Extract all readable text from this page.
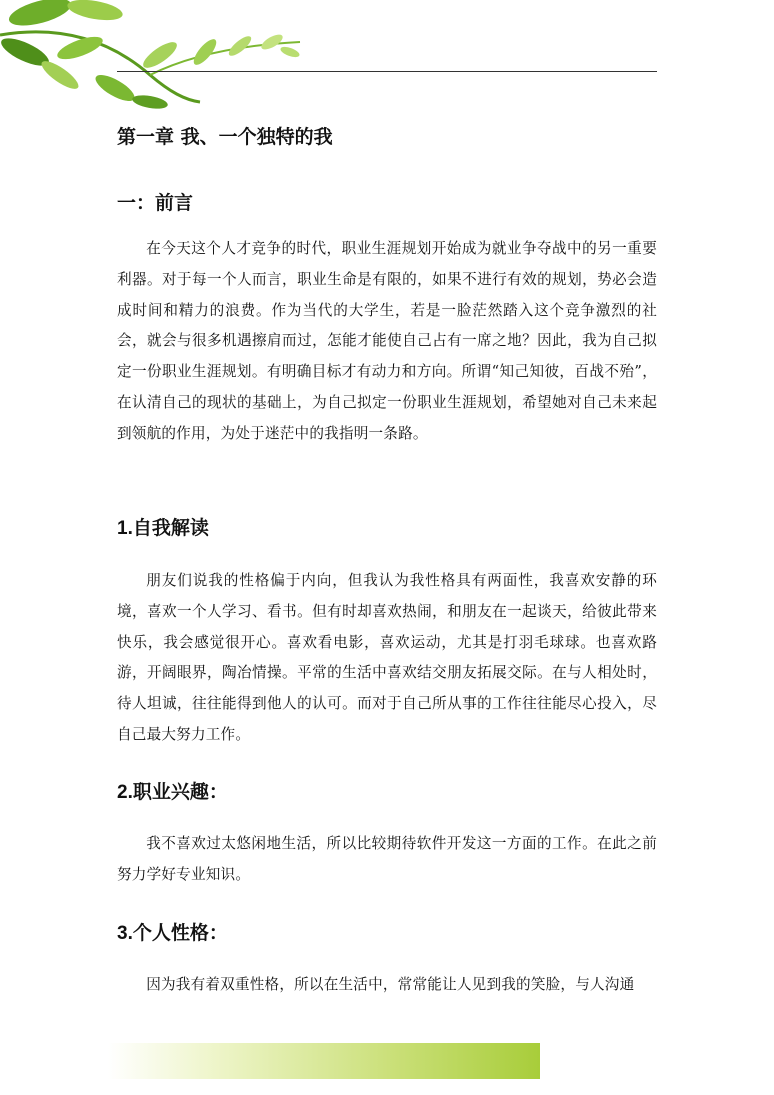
第一章 我、一个独特的我
一：前言

在今天这个人才竞争的时代，职业生涯规划开始成为就业争夺战中的另一重要利器。对于每一个人而言，职业生命是有限的，如果不进行有效的规划，势必会造成时间和精力的浪费。作为当代的大学生，若是一脸茫然踏入这个竞争激烈的社会，就会与很多机遇擦肩而过，怎能才能使自己占有一席之地？因此，我为自己拟定一份职业生涯规划。有明确目标才有动力和方向。所谓“知己知彼，百战不殆”，在认清自己的现状的基础上，为自己拟定一份职业生涯规划，希望她对自己未来起到领航的作用，为处于迷茫中的我指明一条路。

1.自我解读

朋友们说我的性格偏于内向，但我认为我性格具有两面性，我喜欢安静的环境，喜欢一个人学习、看书。但有时却喜欢热闹，和朋友在一起谈天，给彼此带来快乐，我会感觉很开心。喜欢看电影，喜欢运动，尤其是打羽毛球球。也喜欢路游，开阔眼界，陶冶情操。平常的生活中喜欢结交朋友拓展交际。在与人相处时，待人坦诚，往往能得到他人的认可。而对于自己所从事的工作往往能尽心投入，尽自己最大努力工作。

2.职业兴趣：

我不喜欢过太悠闲地生活，所以比较期待软件开发这一方面的工作。在此之前努力学好专业知识。

3.个人性格：

因为我有着双重性格，所以在生活中，常常能让人见到我的笑脸，与人沟通
